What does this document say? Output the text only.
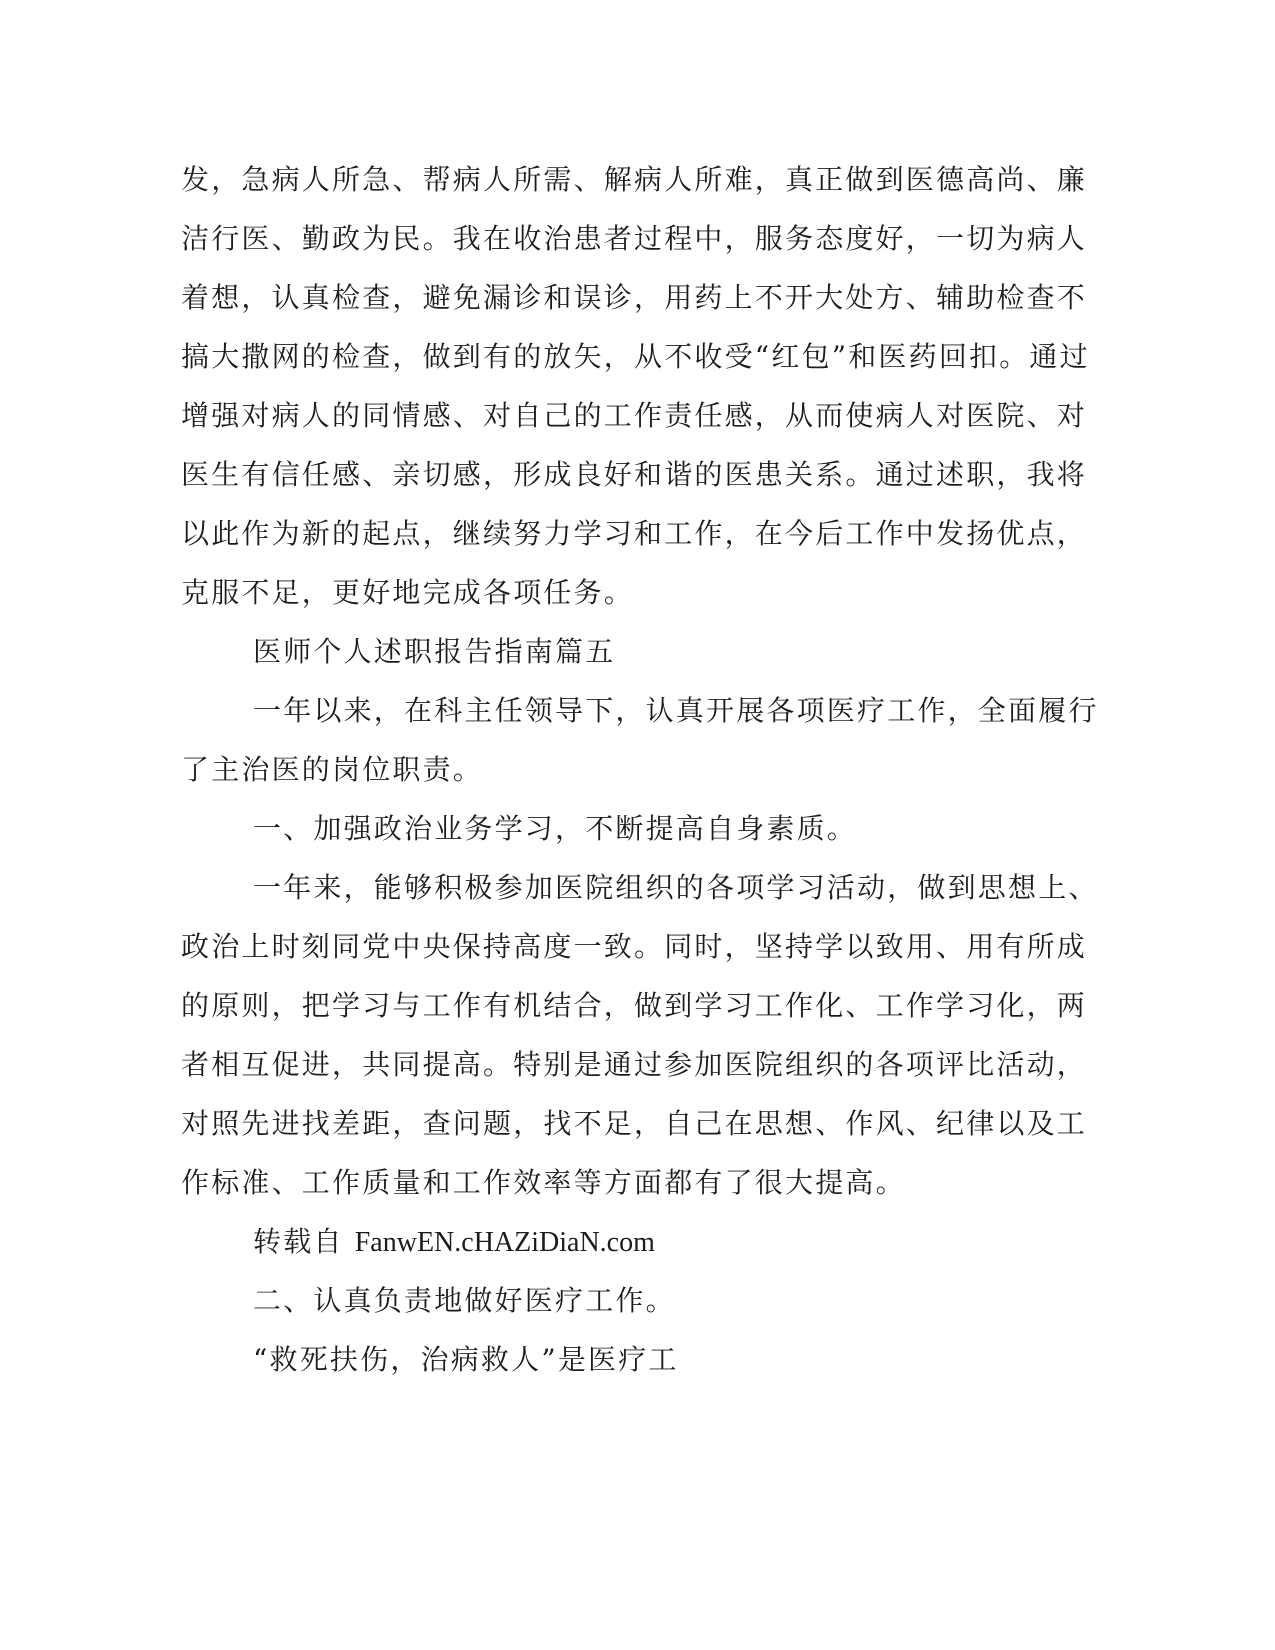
发，急病人所急、帮病人所需、解病人所难，真正做到医德高尚、廉
洁行医、勤政为民。我在收治患者过程中，服务态度好，一切为病人
着想，认真检查，避免漏诊和误诊，用药上不开大处方、辅助检查不
搞大撒网的检查，做到有的放矢，从不收受“红包”和医药回扣。通过
增强对病人的同情感、对自己的工作责任感，从而使病人对医院、对
医生有信任感、亲切感，形成良好和谐的医患关系。通过述职，我将
以此作为新的起点，继续努力学习和工作，在今后工作中发扬优点，
克服不足，更好地完成各项任务。
医师个人述职报告指南篇五
一年以来，在科主任领导下，认真开展各项医疗工作，全面履行
了主治医的岗位职责。
一、加强政治业务学习，不断提高自身素质。
一年来，能够积极参加医院组织的各项学习活动，做到思想上、
政治上时刻同党中央保持高度一致。同时，坚持学以致用、用有所成
的原则，把学习与工作有机结合，做到学习工作化、工作学习化，两
者相互促进，共同提高。特别是通过参加医院组织的各项评比活动，
对照先进找差距，查问题，找不足，自己在思想、作风、纪律以及工
作标准、工作质量和工作效率等方面都有了很大提高。
转载自 FanwEN.cHAZiDiaN.com
二、认真负责地做好医疗工作。
“救死扶伤，治病救人”是医疗工
